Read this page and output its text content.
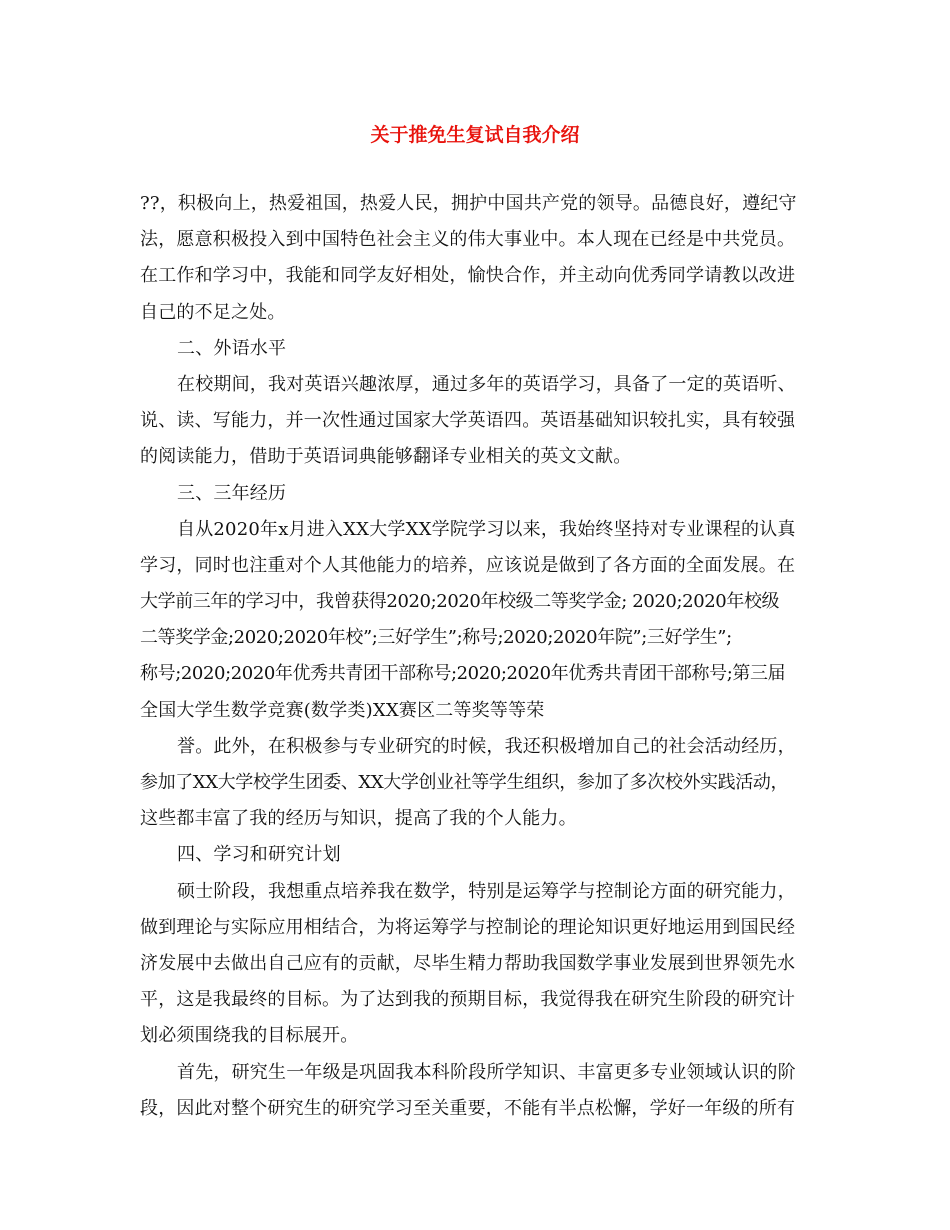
关于推免生复试自我介绍

??，积极向上，热爱祖国，热爱人民，拥护中国共产党的领导。品德良好，遵纪守

法，愿意积极投入到中国特色社会主义的伟大事业中。本人现在已经是中共党员。

在工作和学习中，我能和同学友好相处，愉快合作，并主动向优秀同学请教以改进

自己的不足之处。

二、外语水平

在校期间，我对英语兴趣浓厚，通过多年的英语学习，具备了一定的英语听、

说、读、写能力，并一次性通过国家大学英语四。英语基础知识较扎实，具有较强

的阅读能力，借助于英语词典能够翻译专业相关的英文文献。

三、三年经历

自从2020年x月进入XX大学XX学院学习以来，我始终坚持对专业课程的认真

学习，同时也注重对个人其他能力的培养，应该说是做到了各方面的全面发展。在

大学前三年的学习中，我曾获得2020;2020年校级二等奖学金; 2020;2020年校级

二等奖学金;2020;2020年校”;三好学生”;称号;2020;2020年院”;三好学生”;

称号;2020;2020年优秀共青团干部称号;2020;2020年优秀共青团干部称号;第三届

全国大学生数学竞赛(数学类)XX赛区二等奖等等荣

誉。此外，在积极参与专业研究的时候，我还积极增加自己的社会活动经历，

参加了XX大学校学生团委、XX大学创业社等学生组织，参加了多次校外实践活动，

这些都丰富了我的经历与知识，提高了我的个人能力。

四、学习和研究计划

硕士阶段，我想重点培养我在数学，特别是运筹学与控制论方面的研究能力，

做到理论与实际应用相结合，为将运筹学与控制论的理论知识更好地运用到国民经

济发展中去做出自己应有的贡献，尽毕生精力帮助我国数学事业发展到世界领先水

平，这是我最终的目标。为了达到我的预期目标，我觉得我在研究生阶段的研究计

划必须围绕我的目标展开。

首先，研究生一年级是巩固我本科阶段所学知识、丰富更多专业领域认识的阶

段，因此对整个研究生的研究学习至关重要，不能有半点松懈，学好一年级的所有
